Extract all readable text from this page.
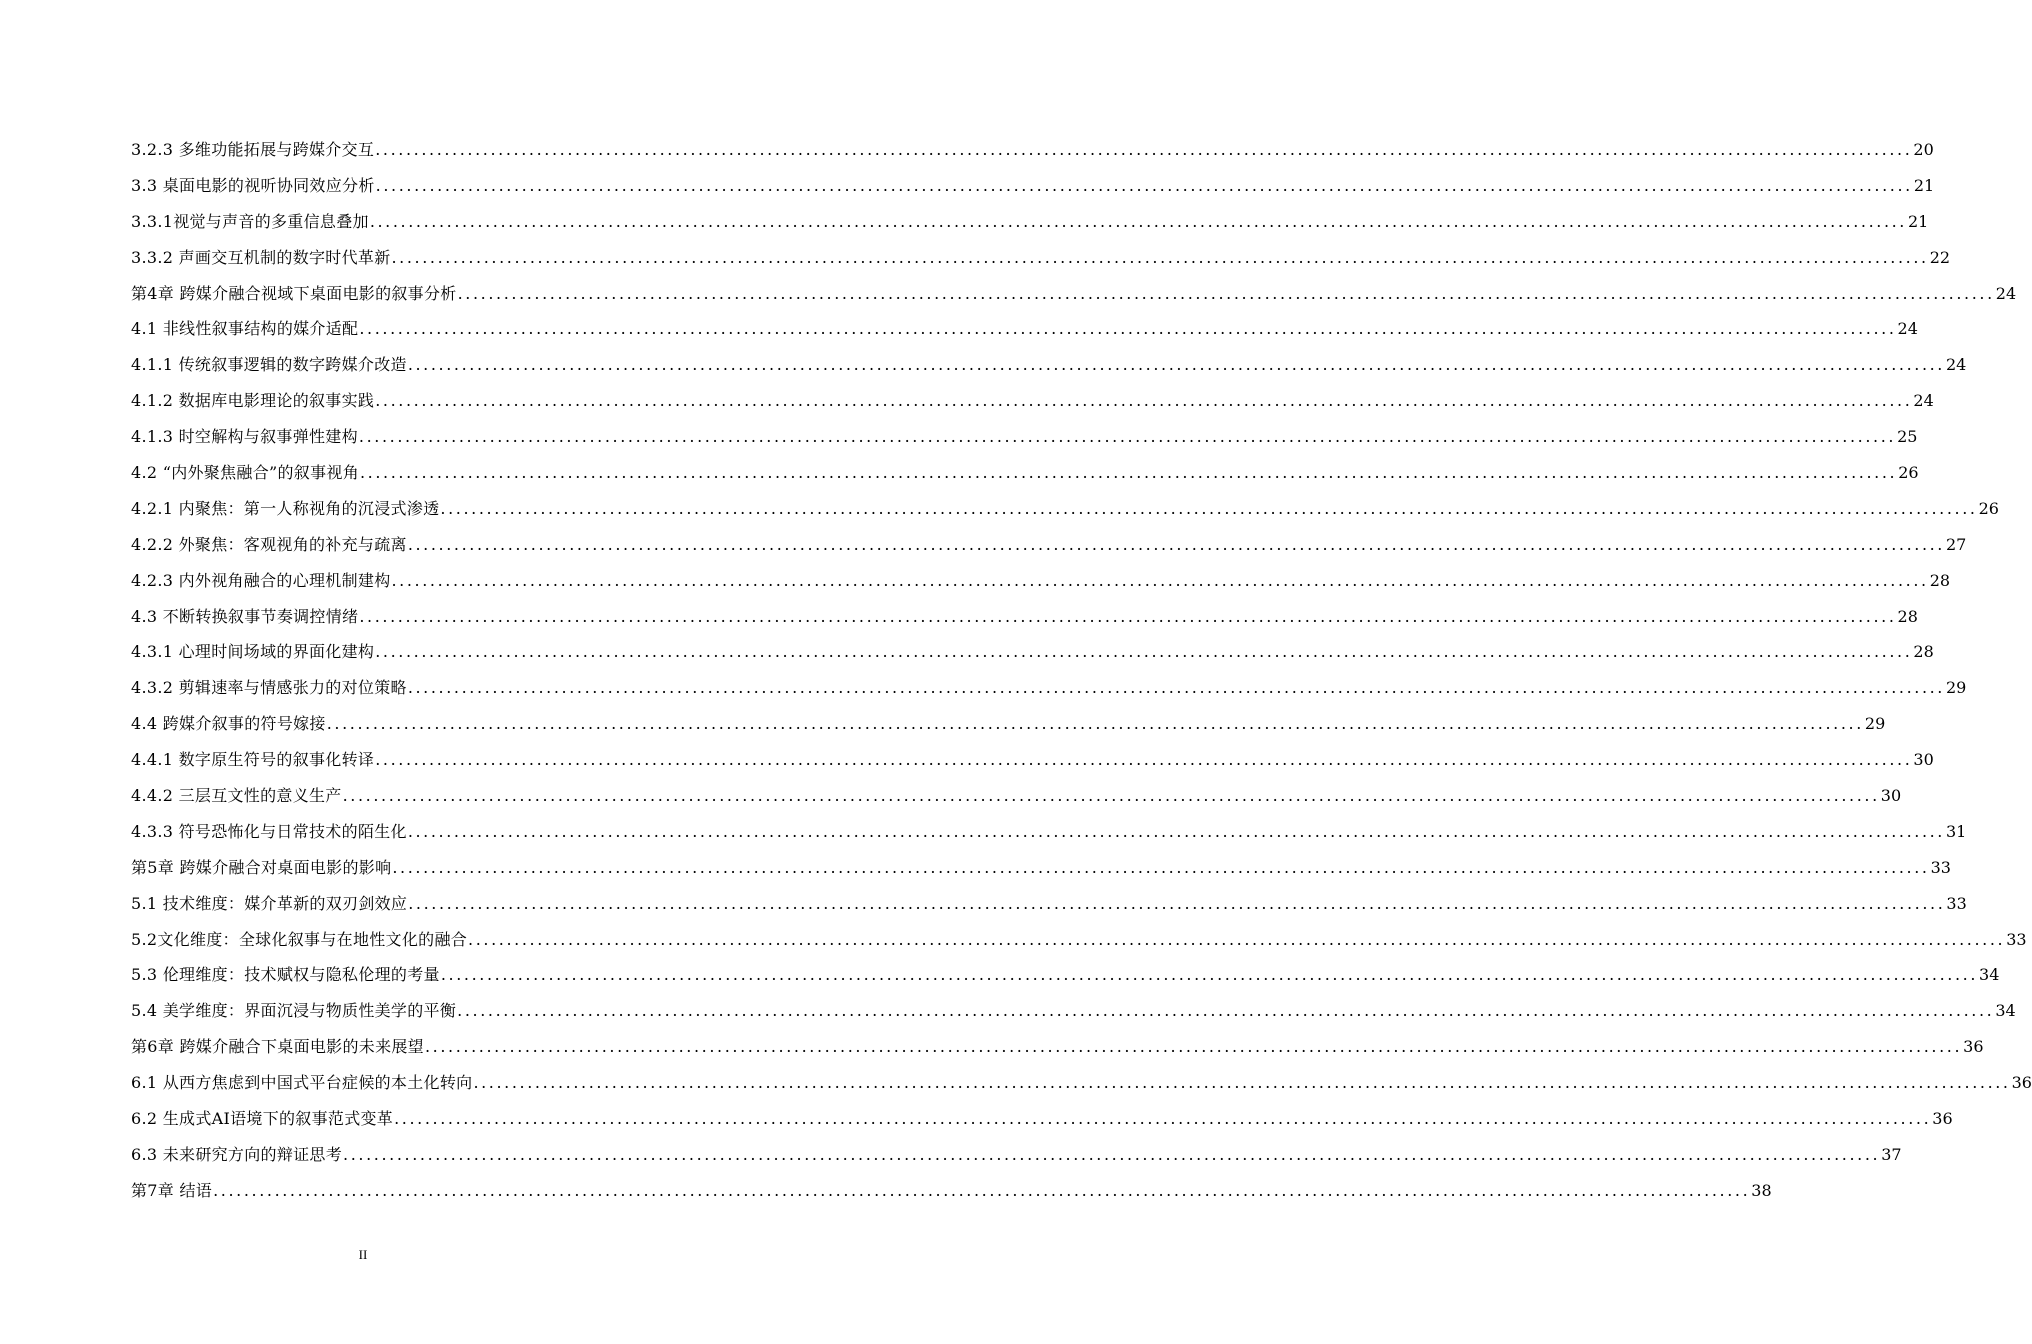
3.2.3 多维功能拓展与跨媒介交互 ........................................................................................................................................................................................................ 20
3.3 桌面电影的视听协同效应分析 ........................................................................................................................................................................................................ 21
3.3.1视觉与声音的多重信息叠加 ........................................................................................................................................................................................................ 21
3.3.2 声画交互机制的数字时代革新 ........................................................................................................................................................................................................ 22
第4章 跨媒介融合视域下桌面电影的叙事分析 ........................................................................................................................................................................................................ 24
4.1 非线性叙事结构的媒介适配 ........................................................................................................................................................................................................ 24
4.1.1 传统叙事逻辑的数字跨媒介改造 ........................................................................................................................................................................................................ 24
4.1.2 数据库电影理论的叙事实践 ........................................................................................................................................................................................................ 24
4.1.3 时空解构与叙事弹性建构 ........................................................................................................................................................................................................ 25
4.2 “内外聚焦融合”的叙事视角 ........................................................................................................................................................................................................ 26
4.2.1 内聚焦：第一人称视角的沉浸式渗透 ........................................................................................................................................................................................................ 26
4.2.2 外聚焦：客观视角的补充与疏离 ........................................................................................................................................................................................................ 27
4.2.3 内外视角融合的心理机制建构 ........................................................................................................................................................................................................ 28
4.3 不断转换叙事节奏调控情绪 ........................................................................................................................................................................................................ 28
4.3.1 心理时间场域的界面化建构 ........................................................................................................................................................................................................ 28
4.3.2 剪辑速率与情感张力的对位策略 ........................................................................................................................................................................................................ 29
4.4 跨媒介叙事的符号嫁接 ........................................................................................................................................................................................................ 29
4.4.1 数字原生符号的叙事化转译 ........................................................................................................................................................................................................ 30
4.4.2 三层互文性的意义生产 ........................................................................................................................................................................................................ 30
4.3.3 符号恐怖化与日常技术的陌生化 ........................................................................................................................................................................................................ 31
第5章 跨媒介融合对桌面电影的影响 ........................................................................................................................................................................................................ 33
5.1 技术维度：媒介革新的双刃剑效应 ........................................................................................................................................................................................................ 33
5.2文化维度：全球化叙事与在地性文化的融合 ........................................................................................................................................................................................................ 33
5.3 伦理维度：技术赋权与隐私伦理的考量 ........................................................................................................................................................................................................ 34
5.4 美学维度：界面沉浸与物质性美学的平衡 ........................................................................................................................................................................................................ 34
第6章 跨媒介融合下桌面电影的未来展望 ........................................................................................................................................................................................................ 36
6.1 从西方焦虑到中国式平台症候的本土化转向 ........................................................................................................................................................................................................ 36
6.2 生成式AI语境下的叙事范式变革 ........................................................................................................................................................................................................ 36
6.3 未来研究方向的辩证思考 ........................................................................................................................................................................................................ 37
第7章 结语 ........................................................................................................................................................................................................ 38
II
